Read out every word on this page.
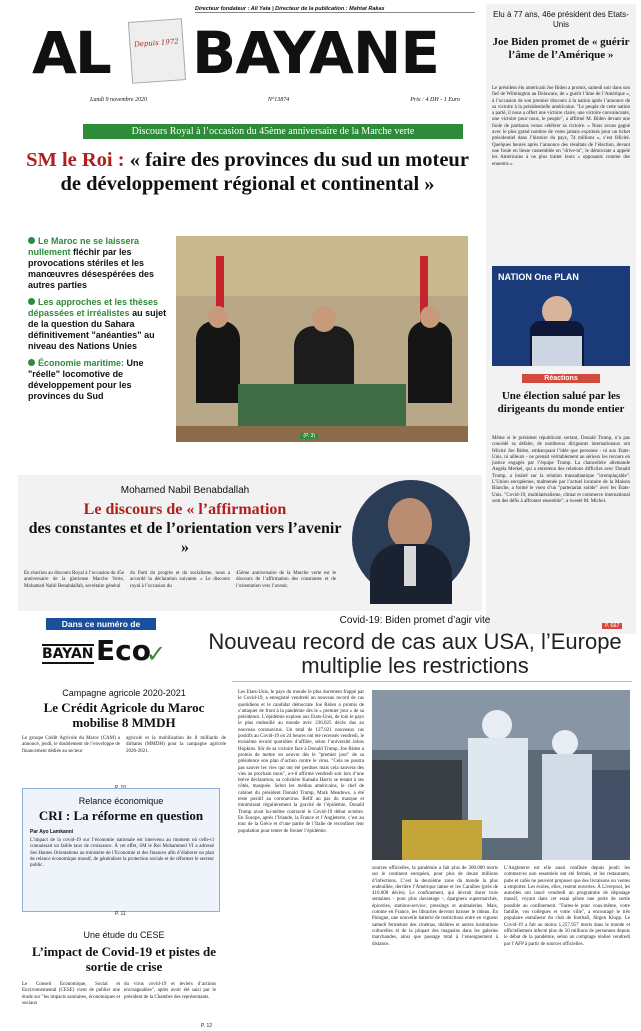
Directeur fondateur : Ali Yata | Directeur de la publication : Mahtat Rakas
AL BAYANE
Depuis 1972
Lundi 9 novembre 2020	N°13874	Prix : 4 DH - 1 Euro
Elu à 77 ans, 46e président des Etats-Unis
Joe Biden promet de « guérir l’âme de l’Amérique »
Le président élu américain Joe Biden a promis, samedi soir dans son fief de Wilmington au Delaware, de « guérir l’âme de l’Amérique », à l’occasion de son premier discours à la nation après l’annonce de sa victoire à la présidentielle américaine. "Le peuple de cette nation a parlé, il nous a offert une victoire claire, une victoire convaincante, une victoire pour nous, le peuple", a affirmé M. Biden devant une foule de partisans venus célébrer sa victoire. « Nous avons gagné avec le plus grand nombre de votes jamais exprimés pour un ticket présidentiel dans l’histoire du pays, 74 millions », s’est félicité. Quelques heures après l’annonce des résultats de l’élection, devant une foule en liesse rassemblée en "drive-in", le démocrate a appelé les Américains à ne plus traiter leurs « opposants comme des ennemis ».
NATION One PLAN
Réactions
Une élection salué par les dirigeants du monde entier
Même si le président républicain sortant, Donald Trump, n’a pas concédé sa défaite, de nombreux dirigeants internationaux ont félicité Joe Biden, embarquant l’idée que personne - ni aux Etats-Unis, ni ailleurs - ne prenait véritablement au sérieux les recours en justice engagés par l’équipe Trump. La chancelière allemande Angela Merkel, qui a entretenu des relations difficiles avec Donald Trump, a insisté sur la relation transatlantique "irremplaçable". L’Union européenne, malmenée par l’actuel locataire de la Maison Blanche, a formé le voeu d’un "partenariat solide" avec les Etats-Unis. "Covid-19, multilatéralisme, climat et commerce international sont des défis à affronter ensemble", a tweeté M. Michel.
P. 6&7
Discours Royal à l’occasion du 45ème anniversaire de la Marche verte
SM le Roi : « faire des provinces du sud un moteur de développement régional et continental »
Le Maroc ne se laissera nullement fléchir par les provocations stériles et les manœuvres désespérées des autres parties
Les approches et les thèses dépassées et irréalistes au sujet de la question du Sahara définitivement "anéanties" au niveau des Nations Unies
Économie maritime: Une "réelle" locomotive de développement pour les provinces du Sud
(P. 3)
Mohamed Nabil Benabdallah
Le discours de « l’affirmation
des constantes et de l’orientation vers l’avenir »
En réaction au discours Royal à l’occasion du 45e anniversaire de la glorieuse Marche Verte, Mohamed Nabil Benabdallah, secrétaire général
du Parti du progrès et du socialisme, nous a accordé la déclaration suivante. « Le discours royal à l’occasion du
45ème anniversaire de la Marche verte est le discours de l’affirmation des constantes et de l’orientation vers l’avenir.
Dans ce numéro de
BAYAN Eco
✓
Covid-19: Biden promet d’agir vite
Nouveau record de cas aux USA, l’Europe multiplie les restrictions
Les Etats-Unis, le pays du monde le plus durement frappé par le Covid-19, a enregistré vendredi un nouveau record de cas quotidiens et le candidat démocrate Joe Biden a promis de s’attaquer de front à la pandémie dès le « premier jour » de sa présidence. L’épidémie explose aux Etats-Unis, de loin le pays le plus endeuillé au monde avec 236.025 décès dus au nouveau coronavirus. Un total de 127.021 nouveaux cas positifs au Covid-19 en 24 heures ont été recensés vendredi, le troisième record quotidien d’affilée, selon l’université Johns Hopkins. Sûr de sa victoire face à Donald Trump, Joe Biden a promis de mettre en oeuvre dès le "premier jour" de sa présidence son plan d’action contre le virus. "Cela ne pourra pas sauver les vies qui ont été perdues mais cela sauvera des vies au prochain mois", a-t-il affirmé vendredi soir lors d’une brève déclaration, sa colistière Kamala Harris se tenant à ses côtés, masquée. Selon les médias américains, le chef de cabinet du président Donald Trump, Mark Meadows, a été testé positif au coronavirus. Refif au pas du masque et minimisant régulièrement la gravité de l’épidémie, Donald Trump avait lui-même contracté le Covid-19 début octobre. En Europe, après l’Irlande, la France et l’Angleterre, c’est au tour de la Grèce et d’une partie de l’Italie de reconfiner leur population pour tenter de freiner l’épidémie.
sources officielles, la pandémie a fait plus de 300.000 morts sur le continent européen, pour plus de douze millions d’infections. C’est la deuxième zone du monde la plus endeuillée, derrière l’Amérique latine et les Caraïbes (près de 410.000 décès). Le confinement, qui devrait durer trois semaines - pour plus davantage -, épargnera supermarchés, épiceries, stations-service, pressings et animaleries. Mais, comme en France, les librairies devront baisser le rideau. En Pologne, une nouvelle batterie de restrictions entre en vigueur samedi fermeture des cinémas, théâtres et autres institutions culturelles et de la plupart des magasins dans les galeries marchandes, ainsi que passage total à l’enseignement à distance.
L’Angleterre est elle aussi confinée depuis jeudi: les commerces non essentiels ont été fermés, et les restaurants, pubs et cafés ne peuvent proposer que des livraisons ou ventes à emporter. Les écoles, elles, restent ouvertes. À Liverpool, les autorités ont lancé vendredi un programme de dépistage massif, voyant dans cet essai pilote une porte de sortie possible au confinement. "Faites-le pour vous-même, votre famille, vos collègues et votre ville", a encouragé le très populaire entraîneur du club de football, Jürgen Klopp. Le Covid-19 a fait au moins 1,257.957 morts dans le monde et officiellement infecté plus de 50 millions de personnes depuis le début de la pandémie, selon un comptage réalisé vendredi par l’AFP à partir de sources officielles.
Campagne agricole 2020-2021
Le Crédit Agricole du Maroc mobilise 8 MMDH
Le groupe Crédit Agricole du Maroc (CAM) a annoncé, jeudi, le doublement de l’enveloppe de financement dédiée au secteur
agricole et la mobilisation de 8 milliards de dirhams (MMDH) pour la campagne agricole 2020-2021.
Relance économique
CRI : La réforme en question
Par Ayo Lamkanni
L’impact de la covid-19 sur l’économie nationale est intervenu au moment où celle-ci connaissait un faible taux de croissance. À cet effet, SM le Roi Mohammed VI a adressé Ses Hautes Orientations au ministère de l’Economie et des finances afin d’élaborer un plan de relance économique massif, de généraliser la protection sociale et de réformer le secteur public.
P. 11
Une étude du CESE
L’impact de Covid-19 et pistes de sortie de crise
Le Conseil Economique, Social et Environnemental (CESE) vient de publier une étude sur "les impacts sanitaires, économiques et sociaux
du virus covid-19 et leviers d’actions envisageables", après avoir été saisi par le président de la Chambre des représentants.
P. 12
